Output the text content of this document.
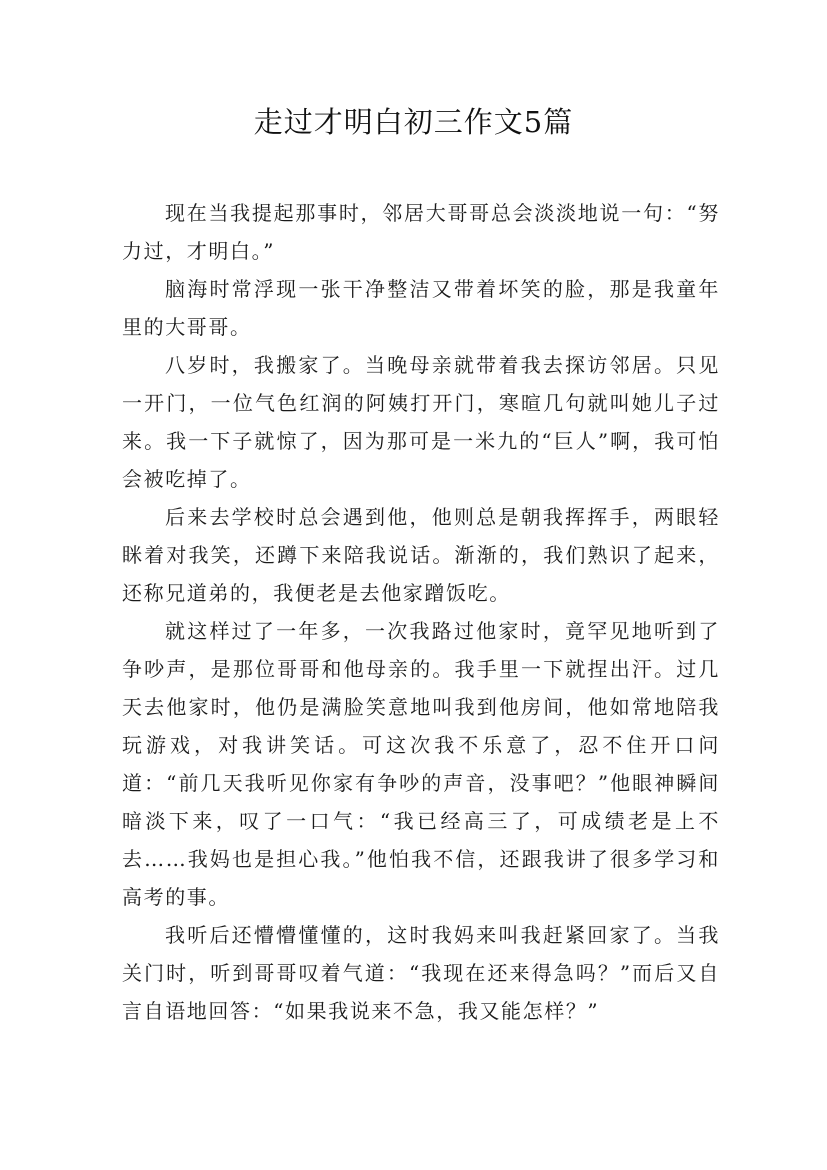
走过才明白初三作文5篇

现在当我提起那事时，邻居大哥哥总会淡淡地说一句：“努力过，才明白。”

脑海时常浮现一张干净整洁又带着坏笑的脸，那是我童年里的大哥哥。

八岁时，我搬家了。当晚母亲就带着我去探访邻居。只见一开门，一位气色红润的阿姨打开门，寒暄几句就叫她儿子过来。我一下子就惊了，因为那可是一米九的“巨人”啊，我可怕会被吃掉了。

后来去学校时总会遇到他，他则总是朝我挥挥手，两眼轻眯着对我笑，还蹲下来陪我说话。渐渐的，我们熟识了起来，还称兄道弟的，我便老是去他家蹭饭吃。

就这样过了一年多，一次我路过他家时，竟罕见地听到了争吵声，是那位哥哥和他母亲的。我手里一下就捏出汗。过几天去他家时，他仍是满脸笑意地叫我到他房间，他如常地陪我玩游戏，对我讲笑话。可这次我不乐意了，忍不住开口问道：“前几天我听见你家有争吵的声音，没事吧？”他眼神瞬间暗淡下来，叹了一口气：“我已经高三了，可成绩老是上不去……我妈也是担心我。”他怕我不信，还跟我讲了很多学习和高考的事。

我听后还懵懵懂懂的，这时我妈来叫我赶紧回家了。当我关门时，听到哥哥叹着气道：“我现在还来得急吗？”而后又自言自语地回答：“如果我说来不急，我又能怎样？”
